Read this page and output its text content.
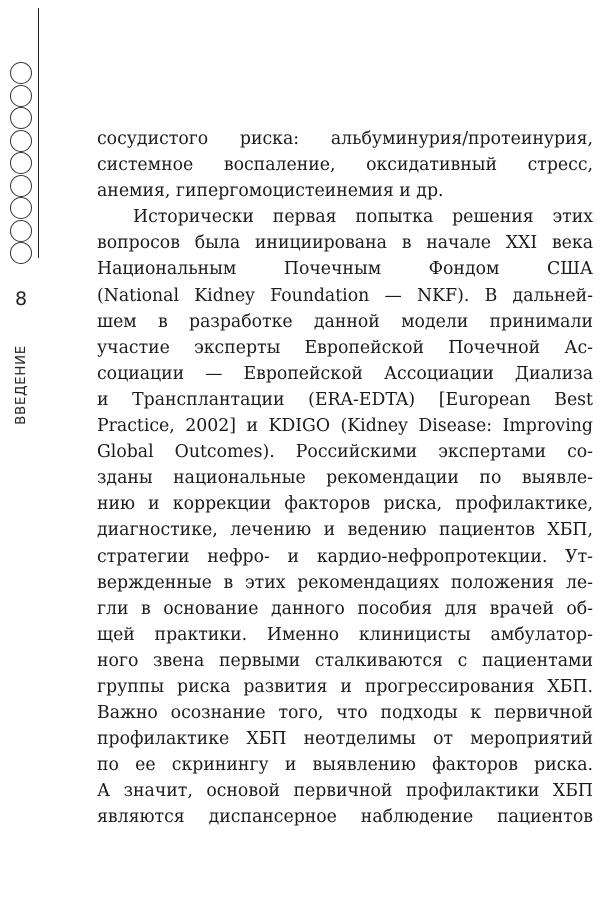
8
ВВЕДЕНИЕ
сосудистого риска: альбуминурия/протеинурия,
системное воспаление, оксидативный стресс,
анемия, гипергомоцистеинемия и др.
Исторически первая попытка решения этих
вопросов была инициирована в начале XXI века
Национальным Почечным Фондом США
(National Kidney Foundation — NKF). В дальней-
шем в разработке данной модели принимали
участие эксперты Европейской Почечной Ас-
социации — Европейской Ассоциации Диализа
и Трансплантации (ERA-EDTA) [European Best
Practice, 2002] и KDIGO (Kidney Disease: Improving
Global Outcomes). Российскими экспертами со-
зданы национальные рекомендации по выявле-
нию и коррекции факторов риска, профилактике,
диагностике, лечению и ведению пациентов ХБП,
стратегии нефро- и кардио-нефропротекции. Ут-
вержденные в этих рекомендациях положения ле-
гли в основание данного пособия для врачей об-
щей практики. Именно клиницисты амбулатор-
ного звена первыми сталкиваются с пациентами
группы риска развития и прогрессирования ХБП.
Важно осознание того, что подходы к первичной
профилактике ХБП неотделимы от мероприятий
по ее скринингу и выявлению факторов риска.
А значит, основой первичной профилактики ХБП
являются диспансерное наблюдение пациентов
